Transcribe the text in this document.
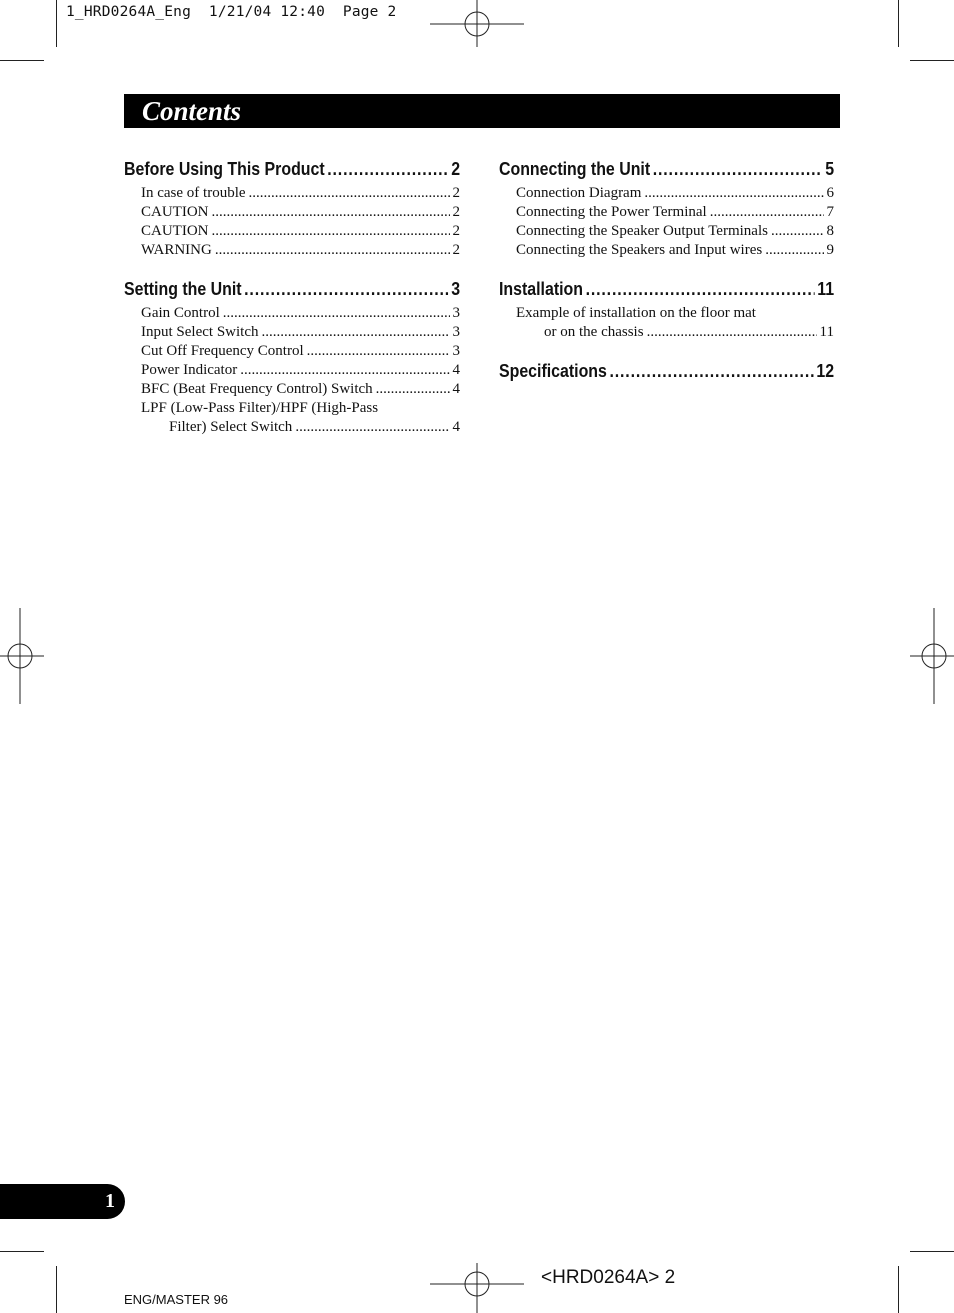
1_HRD0264A_Eng 1/21/04 12:40 Page 2
Contents
Before Using This Product .....	2
In case of trouble .....	2
CAUTION .....	2
CAUTION .....	2
WARNING .....	2
Setting the Unit .....	3
Gain Control .....	3
Input Select Switch .....	3
Cut Off Frequency Control .....	3
Power Indicator .....	4
BFC (Beat Frequency Control) Switch .....	4
LPF (Low-Pass Filter)/HPF (High-Pass
Filter) Select Switch .....	4
Connecting the Unit .....	5
Connection Diagram .....	6
Connecting the Power Terminal .....	7
Connecting the Speaker Output Terminals .....	8
Connecting the Speakers and Input wires .....	9
Installation .....	11
Example of installation on the floor mat
or on the chassis .....	11
Specifications .....	12
1
ENG/MASTER 96
<HRD0264A> 2
